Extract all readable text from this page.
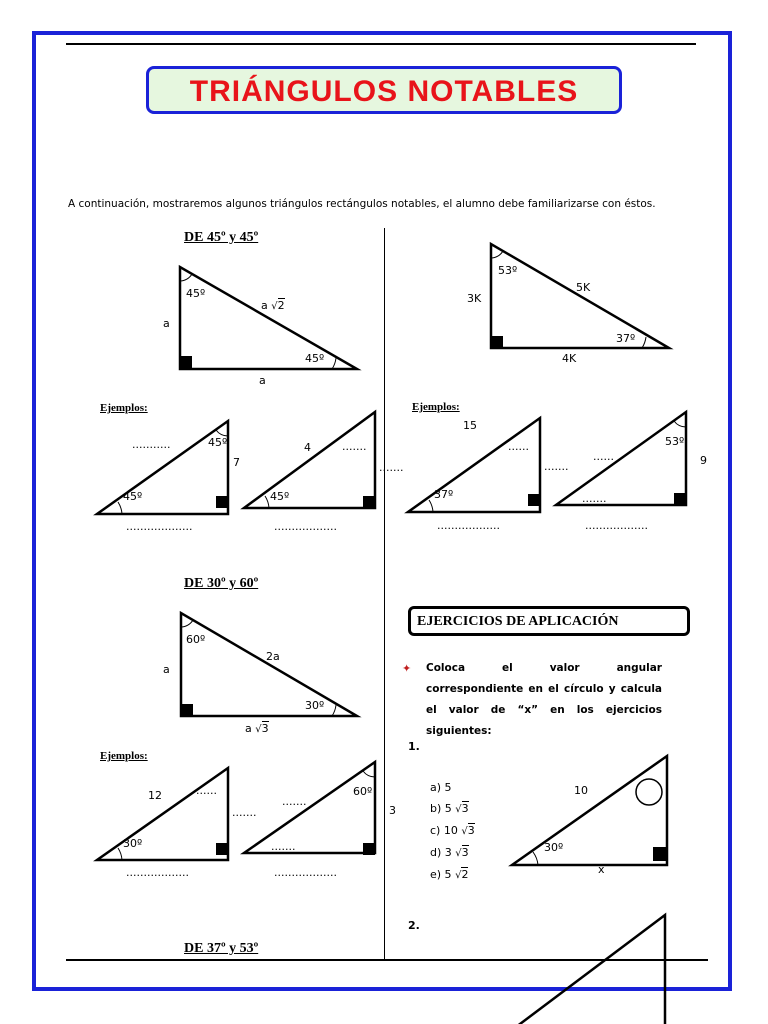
TRIÁNGULOS NOTABLES
A continuación, mostraremos algunos triángulos rectángulos notables, el alumno debe familiarizarse con éstos.
DE 45º y 45º
45º
45º
a
a
a √2
53º
37º
3K
5K
4K
Ejemplos:
...........	45º
7
45º
...................
4	.......
.......
45º
..................
Ejemplos:
15
......
.......
37º
..................
......
53º
9
.......
..................
DE 30º y 60º
60º
30º
a
2a
a √3
Ejemplos:
12	......
.......
30º
..................
.......
60º
3
.......
..................
DE 37º y 53º
EJERCICIOS DE APLICACIÓN
✦ Coloca el valor angular correspondiente en el círculo y calcula el valor de “x” en los ejercicios siguientes:
1.
a) 5
b) 5 √3
c) 10 √3
d) 3 √3
e) 5 √2
10
30º
x
2.
